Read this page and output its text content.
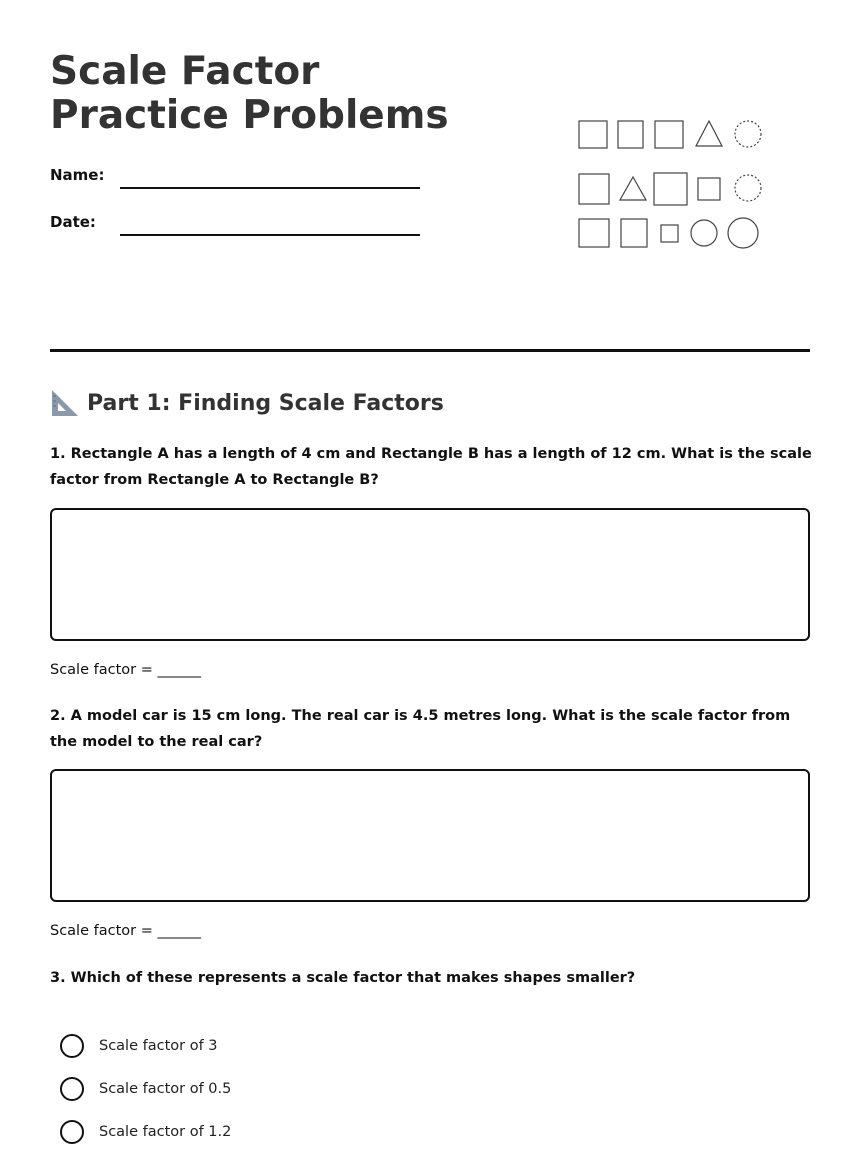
Scale Factor Practice Problems
Name:
Date:
Part 1: Finding Scale Factors

1. Rectangle A has a length of 4 cm and Rectangle B has a length of 12 cm. What is the scale factor from Rectangle A to Rectangle B?

Scale factor = ______

2. A model car is 15 cm long. The real car is 4.5 metres long. What is the scale factor from the model to the real car?

Scale factor = ______

3. Which of these represents a scale factor that makes shapes smaller?

Scale factor of 3
Scale factor of 0.5
Scale factor of 1.2
